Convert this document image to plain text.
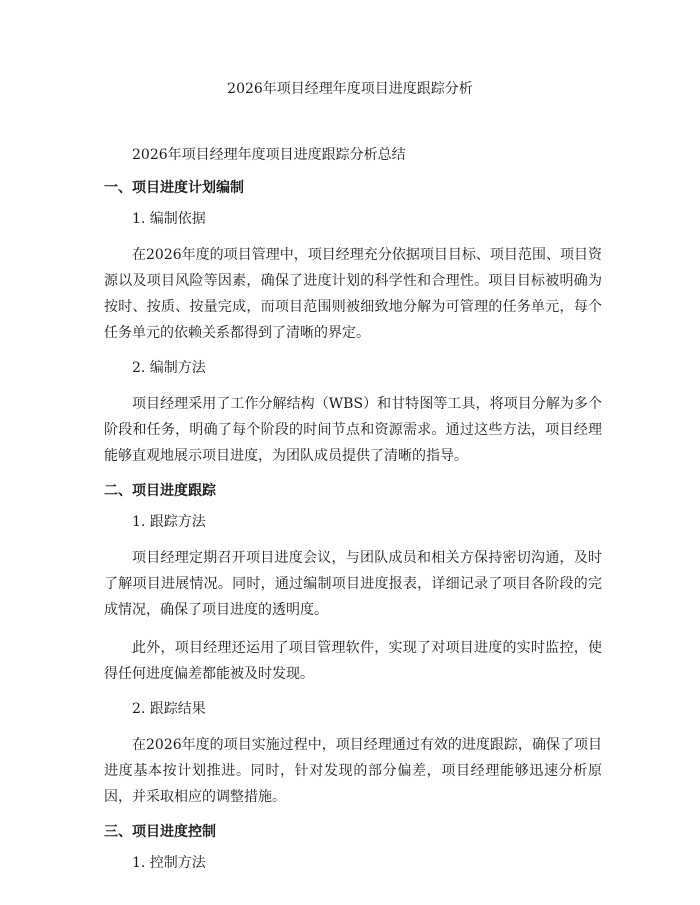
2026年项目经理年度项目进度跟踪分析

2026年项目经理年度项目进度跟踪分析总结

一、项目进度计划编制

1. 编制依据

在2026年度的项目管理中，项目经理充分依据项目目标、项目范围、项目资源以及项目风险等因素，确保了进度计划的科学性和合理性。项目目标被明确为按时、按质、按量完成，而项目范围则被细致地分解为可管理的任务单元，每个任务单元的依赖关系都得到了清晰的界定。

2. 编制方法

项目经理采用了工作分解结构（WBS）和甘特图等工具，将项目分解为多个阶段和任务，明确了每个阶段的时间节点和资源需求。通过这些方法，项目经理能够直观地展示项目进度，为团队成员提供了清晰的指导。

二、项目进度跟踪

1. 跟踪方法

项目经理定期召开项目进度会议，与团队成员和相关方保持密切沟通，及时了解项目进展情况。同时，通过编制项目进度报表，详细记录了项目各阶段的完成情况，确保了项目进度的透明度。

此外，项目经理还运用了项目管理软件，实现了对项目进度的实时监控，使得任何进度偏差都能被及时发现。

2. 跟踪结果

在2026年度的项目实施过程中，项目经理通过有效的进度跟踪，确保了项目进度基本按计划推进。同时，针对发现的部分偏差，项目经理能够迅速分析原因，并采取相应的调整措施。

三、项目进度控制

1. 控制方法
